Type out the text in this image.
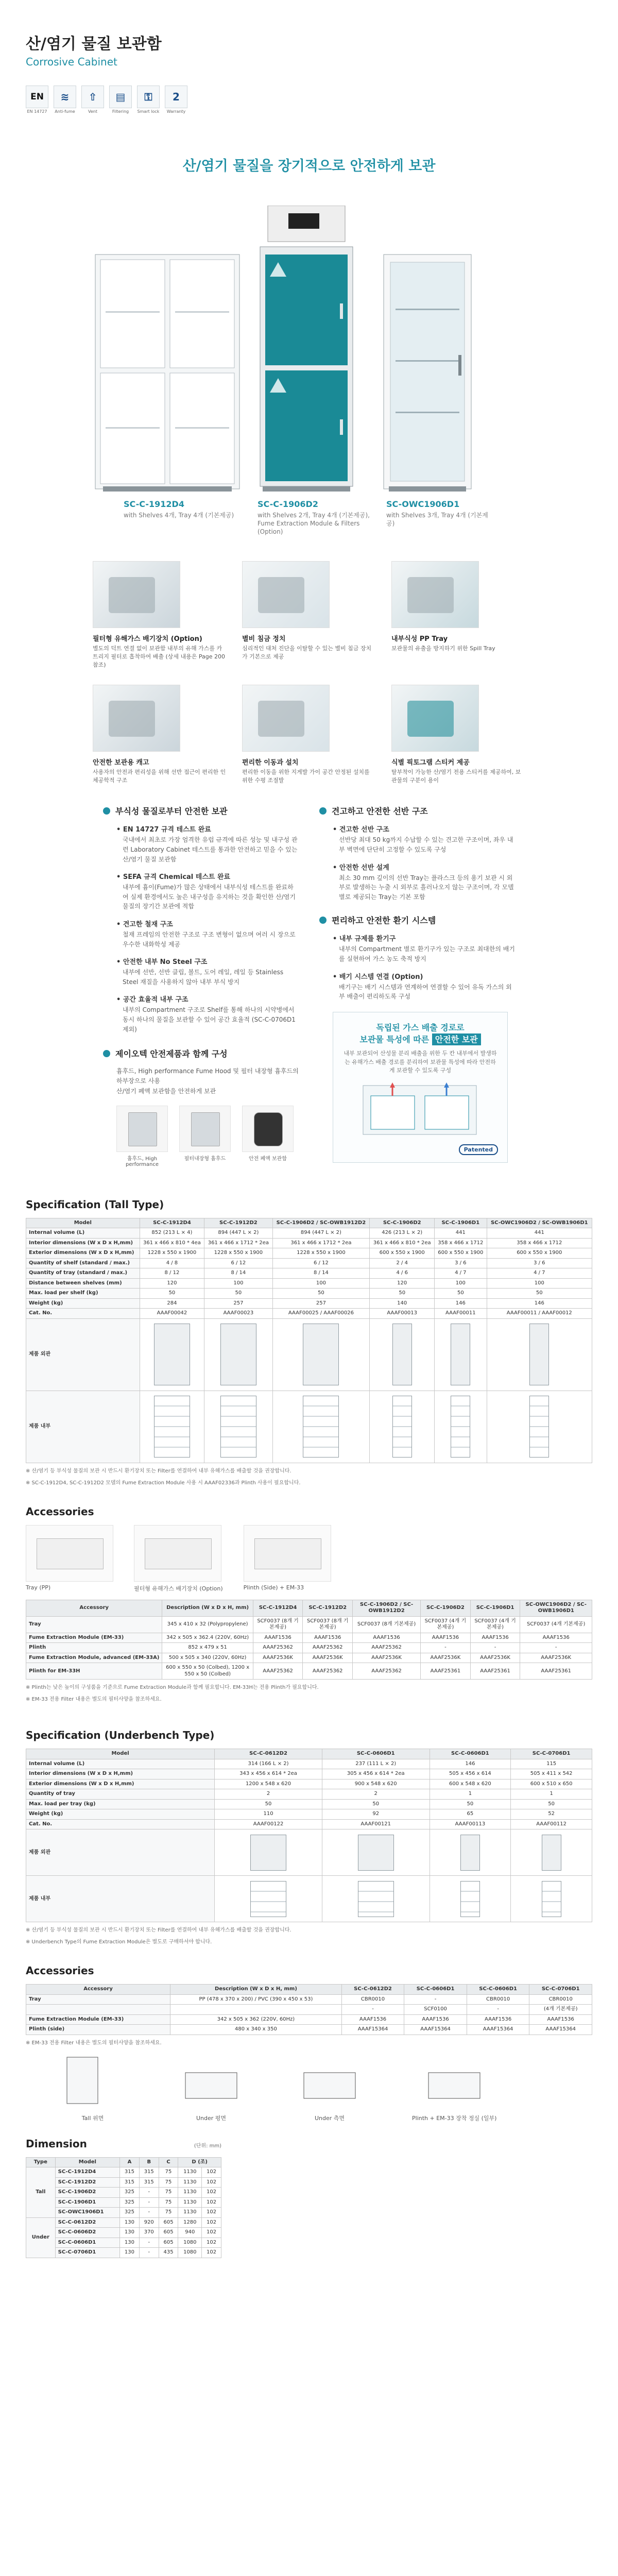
산/염기 물질 보관함
Corrosive Cabinet
EN
EN 14727
≋
Anti-fume
⇧
Vent
▤
Filtering
⚿
Smart lock
2
Warranty
산/염기 물질을 장기적으로 안전하게 보관
SC-C-1912D4
with Shelves 4개, Tray 4개 (기본제공)
SC-C-1906D2
with Shelves 2개, Tray 4개 (기본제공), Fume Extraction Module & Filters (Option)
SC-OWC1906D1
with Shelves 3개, Tray 4개 (기본제공)
필터형 유해가스 배기장치 (Option)
별도의 덕트 연결 없이 보관함 내부의 유해 가스를 카트리지 필터로 흡착하여 배출 (상세 내용은 Page 200 참조)
별비 침금 정치
심리적인 대처 진단을 이탈할 수 있는 별비 침금 장치가 기본으로 제공
내부식성 PP Tray
보관물의 유출을 방지하기 위한 Spill Tray
안전한 보관용 캐고
사용자의 안전과 편리성을 위해 선반 접근이 편리한 인체공학적 구조
편리한 이동과 설치
편리한 이동을 위한 지게발 가이 공간 안정된 설치를 위한 수평 조절발
식별 픽토그램 스티커 제공
탈부착이 가능한 산/염기 전용 스티커를 제공하여, 보관물의 구분이 용이
부식성 물질로부터 안전한 보관
• EN 14727 규격 테스트 완료
국내에서 최초로 가장 엄격한 유럽 규격에 따른 성능 및 내구성 관련 Laboratory Cabinet 테스트를 통과한 안전하고 믿을 수 있는 산/염기 물질 보관함
• SEFA 규격 Chemical 테스트 완료
내부에 흄이(Fume)가 많은 상태에서 내부식성 테스트를 완료하여 실제 환경에서도 높은 내구성을 유지하는 것을 확인한 산/염기 물질의 장기간 보관에 적합
• 견고한 철재 구조
철재 프레임의 안전한 구조로 구조 변형이 없으며 여러 시 장으로 우수한 내화학성 제공
• 안전한 내부 No Steel 구조
내부에 선반, 선반 클립, 볼트, 도어 레일, 레일 등 Stainless Steel 재질을 사용하지 않아 내부 부식 방지
• 공간 효율적 내부 구조
내부의 Compartment 구조로 Shelf를 통해 하나의 시약병에서 동시 하나의 물질을 보관할 수 있어 공간 효율적 (SC-C-0706D1 제외)
제이오텍 안전제품과 함께 구성
흄후드, High performance Fume Hood 및 필터 내장형 흄후드의 하부장으로 사용
산/염기 폐액 보관함을 안전하게 보관
흄후드, High performance
필터내장형 흄후드	안전 폐액 보관함
견고하고 안전한 선반 구조
• 견고한 선반 구조
선반당 최대 50 kg까지 수납할 수 있는 견고한 구조이며, 좌우 내부 벽면에 단단히 고정할 수 있도록 구성
• 안전한 선반 설계
최소 30 mm 깊이의 선반 Tray는 플라스크 등의 용기 보관 시 외부로 발생하는 누출 시 외부로 흘러나오지 않는 구조이며, 각 모델별로 제공되는 Tray는 기본 포함
편리하고 안전한 환기 시스템
• 내부 규제를 환기구
내부의 Compartment 별로 환기구가 있는 구조로 최대한의 배기를 실현하여 가스 농도 축적 방지
• 배기 시스템 연결 (Option)
배기구는 배기 시스템과 연계하여 연결할 수 있어 유독 가스의 외부 배출이 편리하도록 구성
독립된 가스 배출 경로로
보관물 특성에 따른 안전한 보관
내부 보관되어 산성물 분리 배출을 위한 두 칸 내부에서 발생하는 유해가스 배출 경로를 분리하여 보관물 특성에 따라 안전하게 보관할 수 있도록 구성
Patented
Specification (Tall Type)
Model	SC-C-1912D4	SC-C-1912D2	SC-C-1906D2 / SC-OWB1912D2	SC-C-1906D2	SC-C-1906D1	SC-OWC1906D2 / SC-OWB1906D1
Internal volume (L)	852 (213 L × 4)	894 (447 L × 2)	894 (447 L × 2)	426 (213 L × 2)	441	441
Interior dimensions (W x D x H,mm)	361 x 466 x 810 * 4ea	361 x 466 x 1712 * 2ea	361 x 466 x 1712 * 2ea	361 x 466 x 810 * 2ea	358 x 466 x 1712	358 x 466 x 1712
Exterior dimensions (W x D x H,mm)	1228 x 550 x 1900	1228 x 550 x 1900	1228 x 550 x 1900	600 x 550 x 1900	600 x 550 x 1900	600 x 550 x 1900
Quantity of shelf (standard / max.)	4 / 8	6 / 12	6 / 12	2 / 4	3 / 6	3 / 6
Quantity of tray (standard / max.)	8 / 12	8 / 14	8 / 14	4 / 6	4 / 7	4 / 7
Distance between shelves (mm)	120	100	100	120	100	100
Max. load per shelf (kg)	50	50	50	50	50	50
Weight (kg)	284	257	257	140	146	146
Cat. No.	AAAF00042	AAAF00023	AAAF00025 / AAAF00026	AAAF00013	AAAF00011	AAAF00011 / AAAF00012
제품 외관	

제품 내부	

※ 산/염기 등 부식성 물질의 보관 시 반드시 환기장치 또는 Filter를 연결하여 내부 유해가스를 배출할 것을 권장합니다.
※ SC-C-1912D4, SC-C-1912D2 모델의 Fume Extraction Module 사용 시 AAAF02336과 Plinth 사용이 필요합니다.
Accessories
Tray (PP)	필터형 유해가스 배기장치 (Option)	Plinth (Side) + EM-33
Accessory	Description (W x D x H, mm)	SC-C-1912D4	SC-C-1912D2	SC-C-1906D2 / SC-OWB1912D2	SC-C-1906D2	SC-C-1906D1	SC-OWC1906D2 / SC-OWB1906D1
Tray	345 x 410 x 32 (Polypropylene)	SCF0037 (8개 기본제공)	SCF0037 (8개 기본제공)	SCF0037 (8개 기본제공)	SCF0037 (4개 기본제공)	SCF0037 (4개 기본제공)	SCF0037 (4개 기본제공)
Fume Extraction Module (EM-33)	342 x 505 x 362.4 (220V, 60Hz)	AAAF1536	AAAF1536	AAAF1536	AAAF1536	AAAF1536	AAAF1536
Plinth	852 x 479 x 51	AAAF25362	AAAF25362	AAAF25362	-	-	-
Fume Extraction Module, advanced (EM-33A)	500 x 505 x 340 (220V, 60Hz)	AAAF2536K	AAAF2536K	AAAF2536K	AAAF2536K	AAAF2536K	AAAF2536K
Plinth for EM-33H	600 x 550 x 50 (Colbed), 1200 x 550 x 50 (Colbed)	AAAF25362	AAAF25362	AAAF25362	AAAF25361	AAAF25361	AAAF25361
※ Plinth는 낮은 높이의 구성품을 기준으로 Fume Extraction Module과 함께 필요합니다. EM-33H는 전용 Plinth가 필요합니다.
※ EM-33 전용 Filter 내용은 별도의 필터사양을 참조하세요.
Specification (Underbench Type)
Model	SC-C-0612D2	SC-C-0606D1	SC-C-0606D1	SC-C-0706D1
Internal volume (L)	314 (166 L × 2)	237 (111 L × 2)	146	115
Interior dimensions (W x D x H,mm)	343 x 456 x 614 * 2ea	305 x 456 x 614 * 2ea	505 x 456 x 614	505 x 411 x 542
Exterior dimensions (W x D x H,mm)	1200 x 548 x 620	900 x 548 x 620	600 x 548 x 620	600 x 510 x 650
Quantity of tray	2	2	1	1
Max. load per tray (kg)	50	50	50	50
Weight (kg)	110	92	65	52
Cat. No.	AAAF00122	AAAF00121	AAAF00113	AAAF00112
제품 외관	

제품 내부	

※ 산/염기 등 부식성 물질의 보관 시 반드시 환기장치 또는 Filter를 연결하여 내부 유해가스를 배출할 것을 권장합니다.
※ Underbench Type의 Fume Extraction Module은 별도로 구매하셔야 합니다.
Accessories
Accessory	Description (W x D x H, mm)	SC-C-0612D2	SC-C-0606D1	SC-C-0606D1	SC-C-0706D1
Tray	PP (478 x 370 x 200) / PVC (390 x 450 x 53)	CBR0010	-	CBR0010	CBR0010
		-	SCF0100	-	(4개 기본제공)
Fume Extraction Module (EM-33)	342 x 505 x 362 (220V, 60Hz)	AAAF1536	AAAF1536	AAAF1536	AAAF1536
Plinth (side)	480 x 340 x 350	AAAF15364	AAAF15364	AAAF15364	AAAF15364
※ EM-33 전용 Filter 내용은 별도의 필터사양을 참조하세요.
Tall 위면	Under 평면	Under 측면	Plinth + EM-33 장착 정실 (일부)
Dimension	(단위: mm)
Type	Model	A	B	C	D (조)	
Tall	SC-C-1912D4	315	315	75	1130	102
	SC-C-1912D2	315	315	75	1130	102
	SC-C-1906D2	325	-	75	1130	102
	SC-C-1906D1	325	-	75	1130	102
	SC-OWC1906D1	325	-	75	1130	102
Under	SC-C-0612D2	130	920	605	1280	102
	SC-C-0606D2	130	370	605	940	102
	SC-C-0606D1	130	-	605	1080	102
	SC-C-0706D1	130	-	435	1080	102
